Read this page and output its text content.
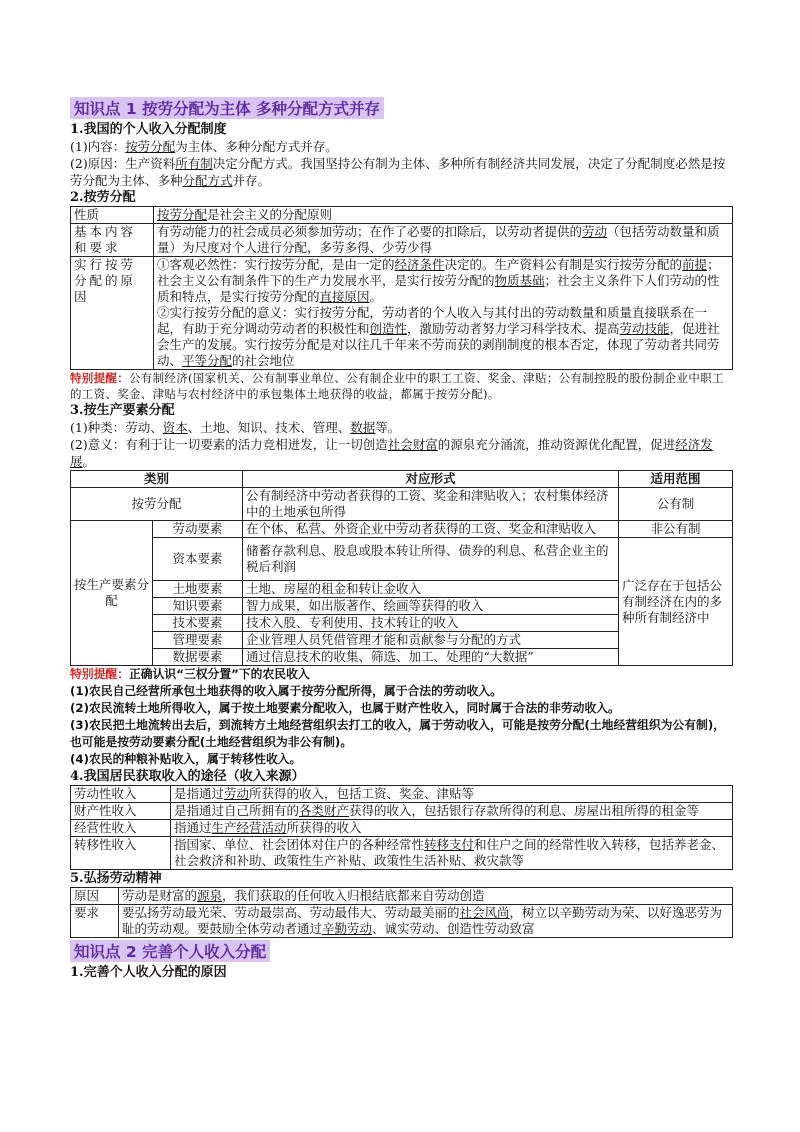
知识点 1 按劳分配为主体 多种分配方式并存
1.我国的个人收入分配制度

(1)内容：按劳分配为主体、多种分配方式并存。

(2)原因：生产资料所有制决定分配方式。我国坚持公有制为主体、多种所有制经济共同发展，决定了分配制度必然是按劳分配为主体、多种分配方式并存。

2.按劳分配
性质	按劳分配是社会主义的分配原则
基本内容和要求	有劳动能力的社会成员必须参加劳动；在作了必要的扣除后，以劳动者提供的劳动（包括劳动数量和质量）为尺度对个人进行分配，多劳多得、少劳少得
实行按劳分配的原因	①客观必然性：实行按劳分配，是由一定的经济条件决定的。生产资料公有制是实行按劳分配的前提；社会主义公有制条件下的生产力发展水平，是实行按劳分配的物质基础；社会主义条件下人们劳动的性质和特点，是实行按劳分配的直接原因。
②实行按劳分配的意义：实行按劳分配，劳动者的个人收入与其付出的劳动数量和质量直接联系在一起，有助于充分调动劳动者的积极性和创造性，激励劳动者努力学习科学技术、提高劳动技能，促进社会生产的发展。实行按劳分配是对以往几千年来不劳而获的剥削制度的根本否定，体现了劳动者共同劳动、平等分配的社会地位

特别提醒：公有制经济(国家机关、公有制事业单位、公有制企业中的职工工资、奖金、津贴；公有制控股的股份制企业中职工的工资、奖金、津贴与农村经济中的承包集体土地获得的收益，都属于按劳分配)。

3.按生产要素分配

(1)种类：劳动、资本、土地、知识、技术、管理、数据等。

(2)意义：有利于让一切要素的活力竞相迸发，让一切创造社会财富的源泉充分涌流，推动资源优化配置，促进经济发展。

类别		对应形式	适用范围
按劳分配		公有制经济中劳动者获得的工资、奖金和津贴收入；农村集体经济中的土地承包所得	公有制
按生产要素分配	劳动要素	在个体、私营、外资企业中劳动者获得的工资、奖金和津贴收入	非公有制
	资本要素	储蓄存款利息、股息或股本转让所得、债券的利息、私营企业主的税后利润	广泛存在于包括公有制经济在内的多种所有制经济中
	土地要素	土地、房屋的租金和转让金收入	
	知识要素	智力成果，如出版著作、绘画等获得的收入	
	技术要素	技术入股、专利使用、技术转让的收入	
	管理要素	企业管理人员凭借管理才能和贡献参与分配的方式	
	数据要素	通过信息技术的收集、筛选、加工、处理的“大数据”	

特别提醒：正确认识“三权分置”下的农民收入

(1)农民自己经营所承包土地获得的收入属于按劳分配所得，属于合法的劳动收入。

(2)农民流转土地所得收入，属于按土地要素分配收入，也属于财产性收入，同时属于合法的非劳动收入。

(3)农民把土地流转出去后，到流转方土地经营组织去打工的收入，属于劳动收入，可能是按劳分配(土地经营组织为公有制)，也可能是按劳动要素分配(土地经营组织为非公有制)。

(4)农民的种粮补贴收入，属于转移性收入。

4.我国居民获取收入的途径（收入来源）
劳动性收入	是指通过劳动所获得的收入，包括工资、奖金、津贴等
财产性收入	是指通过自己所拥有的各类财产获得的收入，包括银行存款所得的利息、房屋出租所得的租金等
经营性收入	指通过生产经营活动所获得的收入
转移性收入	指国家、单位、社会团体对住户的各种经常性转移支付和住户之间的经常性收入转移，包括养老金、社会救济和补助、政策性生产补贴、政策性生活补贴、救灾款等
5.弘扬劳动精神
原因	劳动是财富的源泉，我们获取的任何收入归根结底都来自劳动创造
要求	要弘扬劳动最光荣、劳动最崇高、劳动最伟大、劳动最美丽的社会风尚，树立以辛勤劳动为荣、以好逸恶劳为耻的劳动观。要鼓励全体劳动者通过辛勤劳动、诚实劳动、创造性劳动致富
知识点 2 完善个人收入分配
1.完善个人收入分配的原因
